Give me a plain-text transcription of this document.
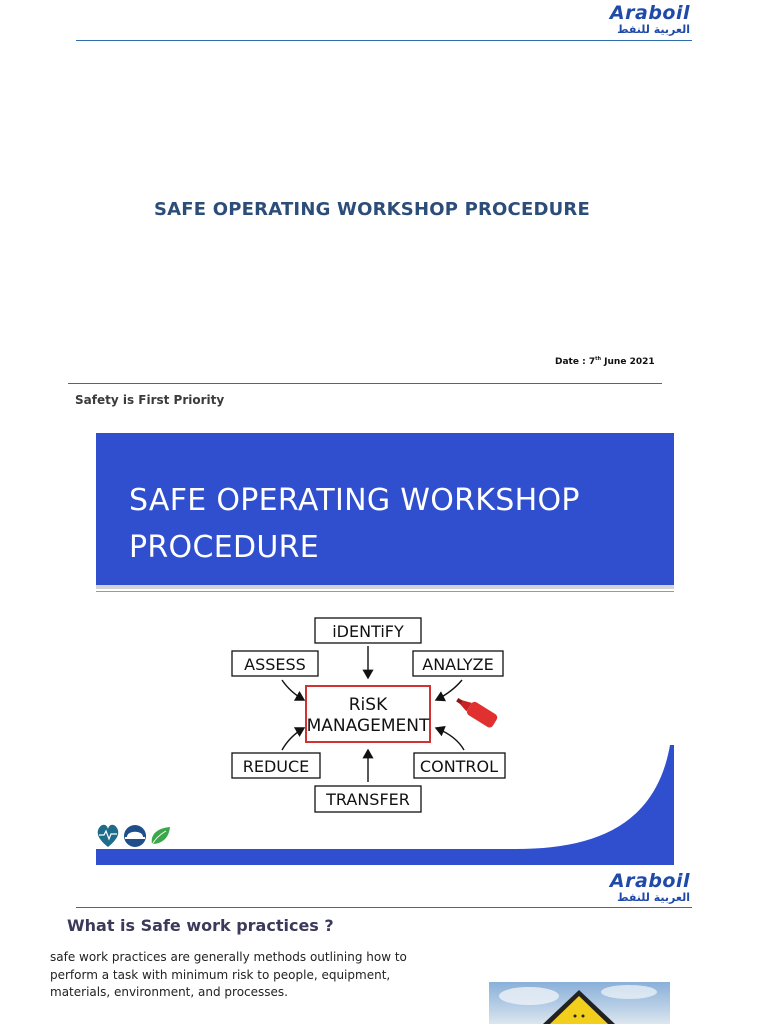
Araboil
العربية للنفط
SAFE OPERATING WORKSHOP PROCEDURE
Date : 7th June 2021
Safety is First Priority
SAFE OPERATING WORKSHOP PROCEDURE
iDENTiFY
ASSESS	ANALYZE
REDUCE	CONTROL
TRANSFER
RiSK
MANAGEMENT
Araboil
العربية للنفط
What is Safe work practices ?
safe work practices are generally methods outlining how to perform a task with minimum risk to people, equipment, materials, environment, and processes.
